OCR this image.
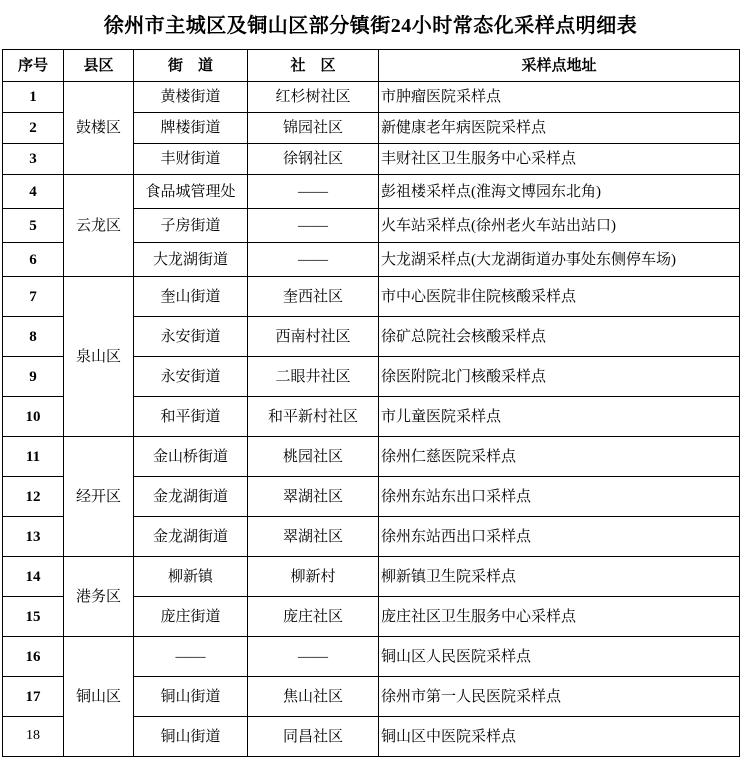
徐州市主城区及铜山区部分镇街24小时常态化采样点明细表
序号	县区	街　道	社　区	采样点地址
1	鼓楼区	黄楼街道	红杉树社区	市肿瘤医院采样点
2		牌楼街道	锦园社区	新健康老年病医院采样点
3		丰财街道	徐钢社区	丰财社区卫生服务中心采样点
4	云龙区	食品城管理处	——	彭祖楼采样点(淮海文博园东北角)
5		子房街道	——	火车站采样点(徐州老火车站出站口)
6		大龙湖街道	——	大龙湖采样点(大龙湖街道办事处东侧停车场)
7	泉山区	奎山街道	奎西社区	市中心医院非住院核酸采样点
8		永安街道	西南村社区	徐矿总院社会核酸采样点
9		永安街道	二眼井社区	徐医附院北门核酸采样点
10		和平街道	和平新村社区	市儿童医院采样点
11	经开区	金山桥街道	桃园社区	徐州仁慈医院采样点
12		金龙湖街道	翠湖社区	徐州东站东出口采样点
13		金龙湖街道	翠湖社区	徐州东站西出口采样点
14	港务区	柳新镇	柳新村	柳新镇卫生院采样点
15		庞庄街道	庞庄社区	庞庄社区卫生服务中心采样点
16	铜山区	——	——	铜山区人民医院采样点
17		铜山街道	焦山社区	徐州市第一人民医院采样点
18		铜山街道	同昌社区	铜山区中医院采样点
